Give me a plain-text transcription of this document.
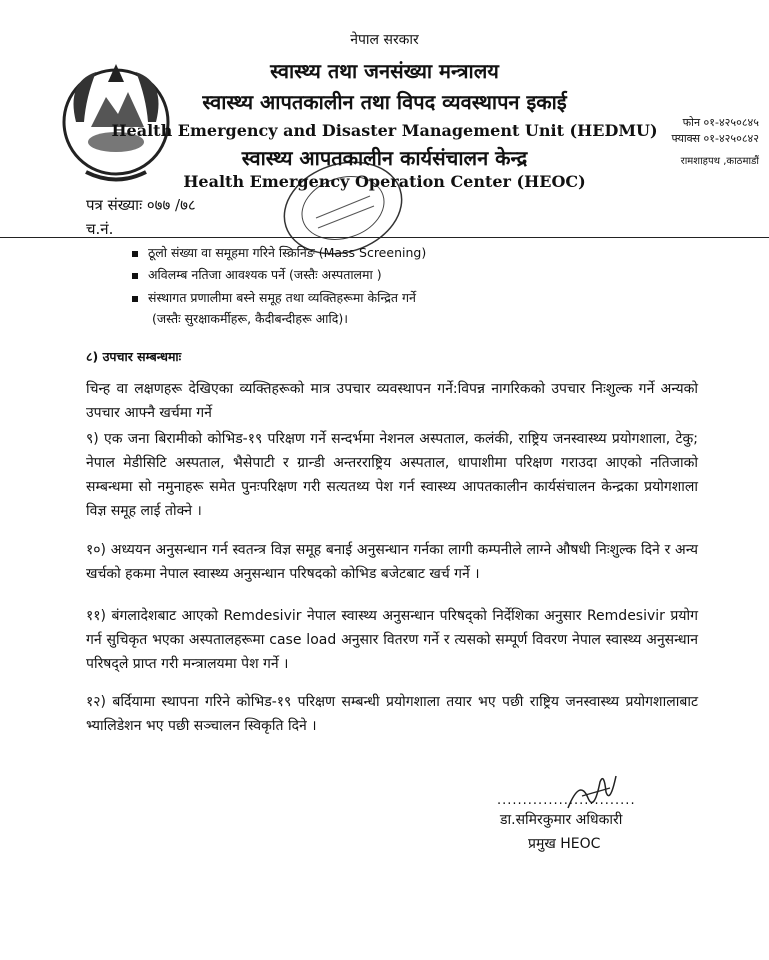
नेपाल सरकार
स्वास्थ्य तथा जनसंख्या मन्त्रालय
स्वास्थ्य आपतकालीन तथा विपद व्यवस्थापन इकाई
Health Emergency and Disaster Management Unit (HEDMU)
स्वास्थ्य आपतकालीन कार्यसंचालन केन्द्र
Health Emergency Operation Center (HEOC)
फोन ०१-४२५०८४५
फ्याक्स ०१-४२५०८४२
रामशाहपथ ,काठमाडौं
पत्र संख्याः ०७७ /७८
च.नं.
ठूलो संख्या वा समूहमा गरिने स्क्रिनिङ (Mass Screening)
अविलम्ब नतिजा आवश्यक पर्ने (जस्तैः अस्पतालमा )
संस्थागत प्रणालीमा बस्ने समूह तथा व्यक्तिहरूमा केन्द्रित गर्ने
(जस्तैः सुरक्षाकर्मीहरू, कैदीबन्दीहरू आदि)।
८) उपचार सम्बन्धमाः
चिन्ह वा लक्षणहरू देखिएका व्यक्तिहरूको मात्र उपचार व्यवस्थापन गर्ने:विपन्न नागरिकको उपचार निःशुल्क गर्ने अन्यको उपचार आफ्नै खर्चमा गर्ने
९) एक जना बिरामीको कोभिड-१९ परिक्षण गर्ने सन्दर्भमा नेशनल अस्पताल, कलंकी, राष्ट्रिय जनस्वास्थ्य प्रयोगशाला, टेकु; नेपाल मेडीसिटि अस्पताल, भैसेपाटी र ग्रान्डी अन्तरराष्ट्रिय अस्पताल, धापाशीमा परिक्षण गराउदा आएको नतिजाको सम्बन्धमा सो नमुनाहरू समेत पुनःपरिक्षण गरी सत्यतथ्य पेश गर्न स्वास्थ्य आपतकालीन कार्यसंचालन केन्द्रका प्रयोगशाला विज्ञ समूह लाई तोक्ने ।
१०) अध्ययन अनुसन्धान गर्न स्वतन्त्र विज्ञ समूह बनाई अनुसन्धान गर्नका लागी कम्पनीले लाग्ने औषधी निःशुल्क दिने र अन्य खर्चको हकमा नेपाल स्वास्थ्य अनुसन्धान परिषदको कोभिड बजेटबाट खर्च गर्ने ।
११) बंगलादेशबाट आएको Remdesivir नेपाल स्वास्थ्य अनुसन्धान परिषद्को निर्देशिका अनुसार Remdesivir प्रयोग गर्न सुचिकृत भएका अस्पतालहरूमा case load अनुसार वितरण गर्ने र त्यसको सम्पूर्ण विवरण नेपाल स्वास्थ्य अनुसन्धान परिषद्ले प्राप्त गरी मन्त्रालयमा पेश गर्ने ।
१२) बर्दियामा स्थापना गरिने कोभिड-१९ परिक्षण सम्बन्धी प्रयोगशाला तयार भए पछी राष्ट्रिय जनस्वास्थ्य प्रयोगशालाबाट भ्यालिडेशन भए पछी सञ्चालन स्विकृति दिने ।
...........................
डा.समिरकुमार अधिकारी
प्रमुख HEOC
